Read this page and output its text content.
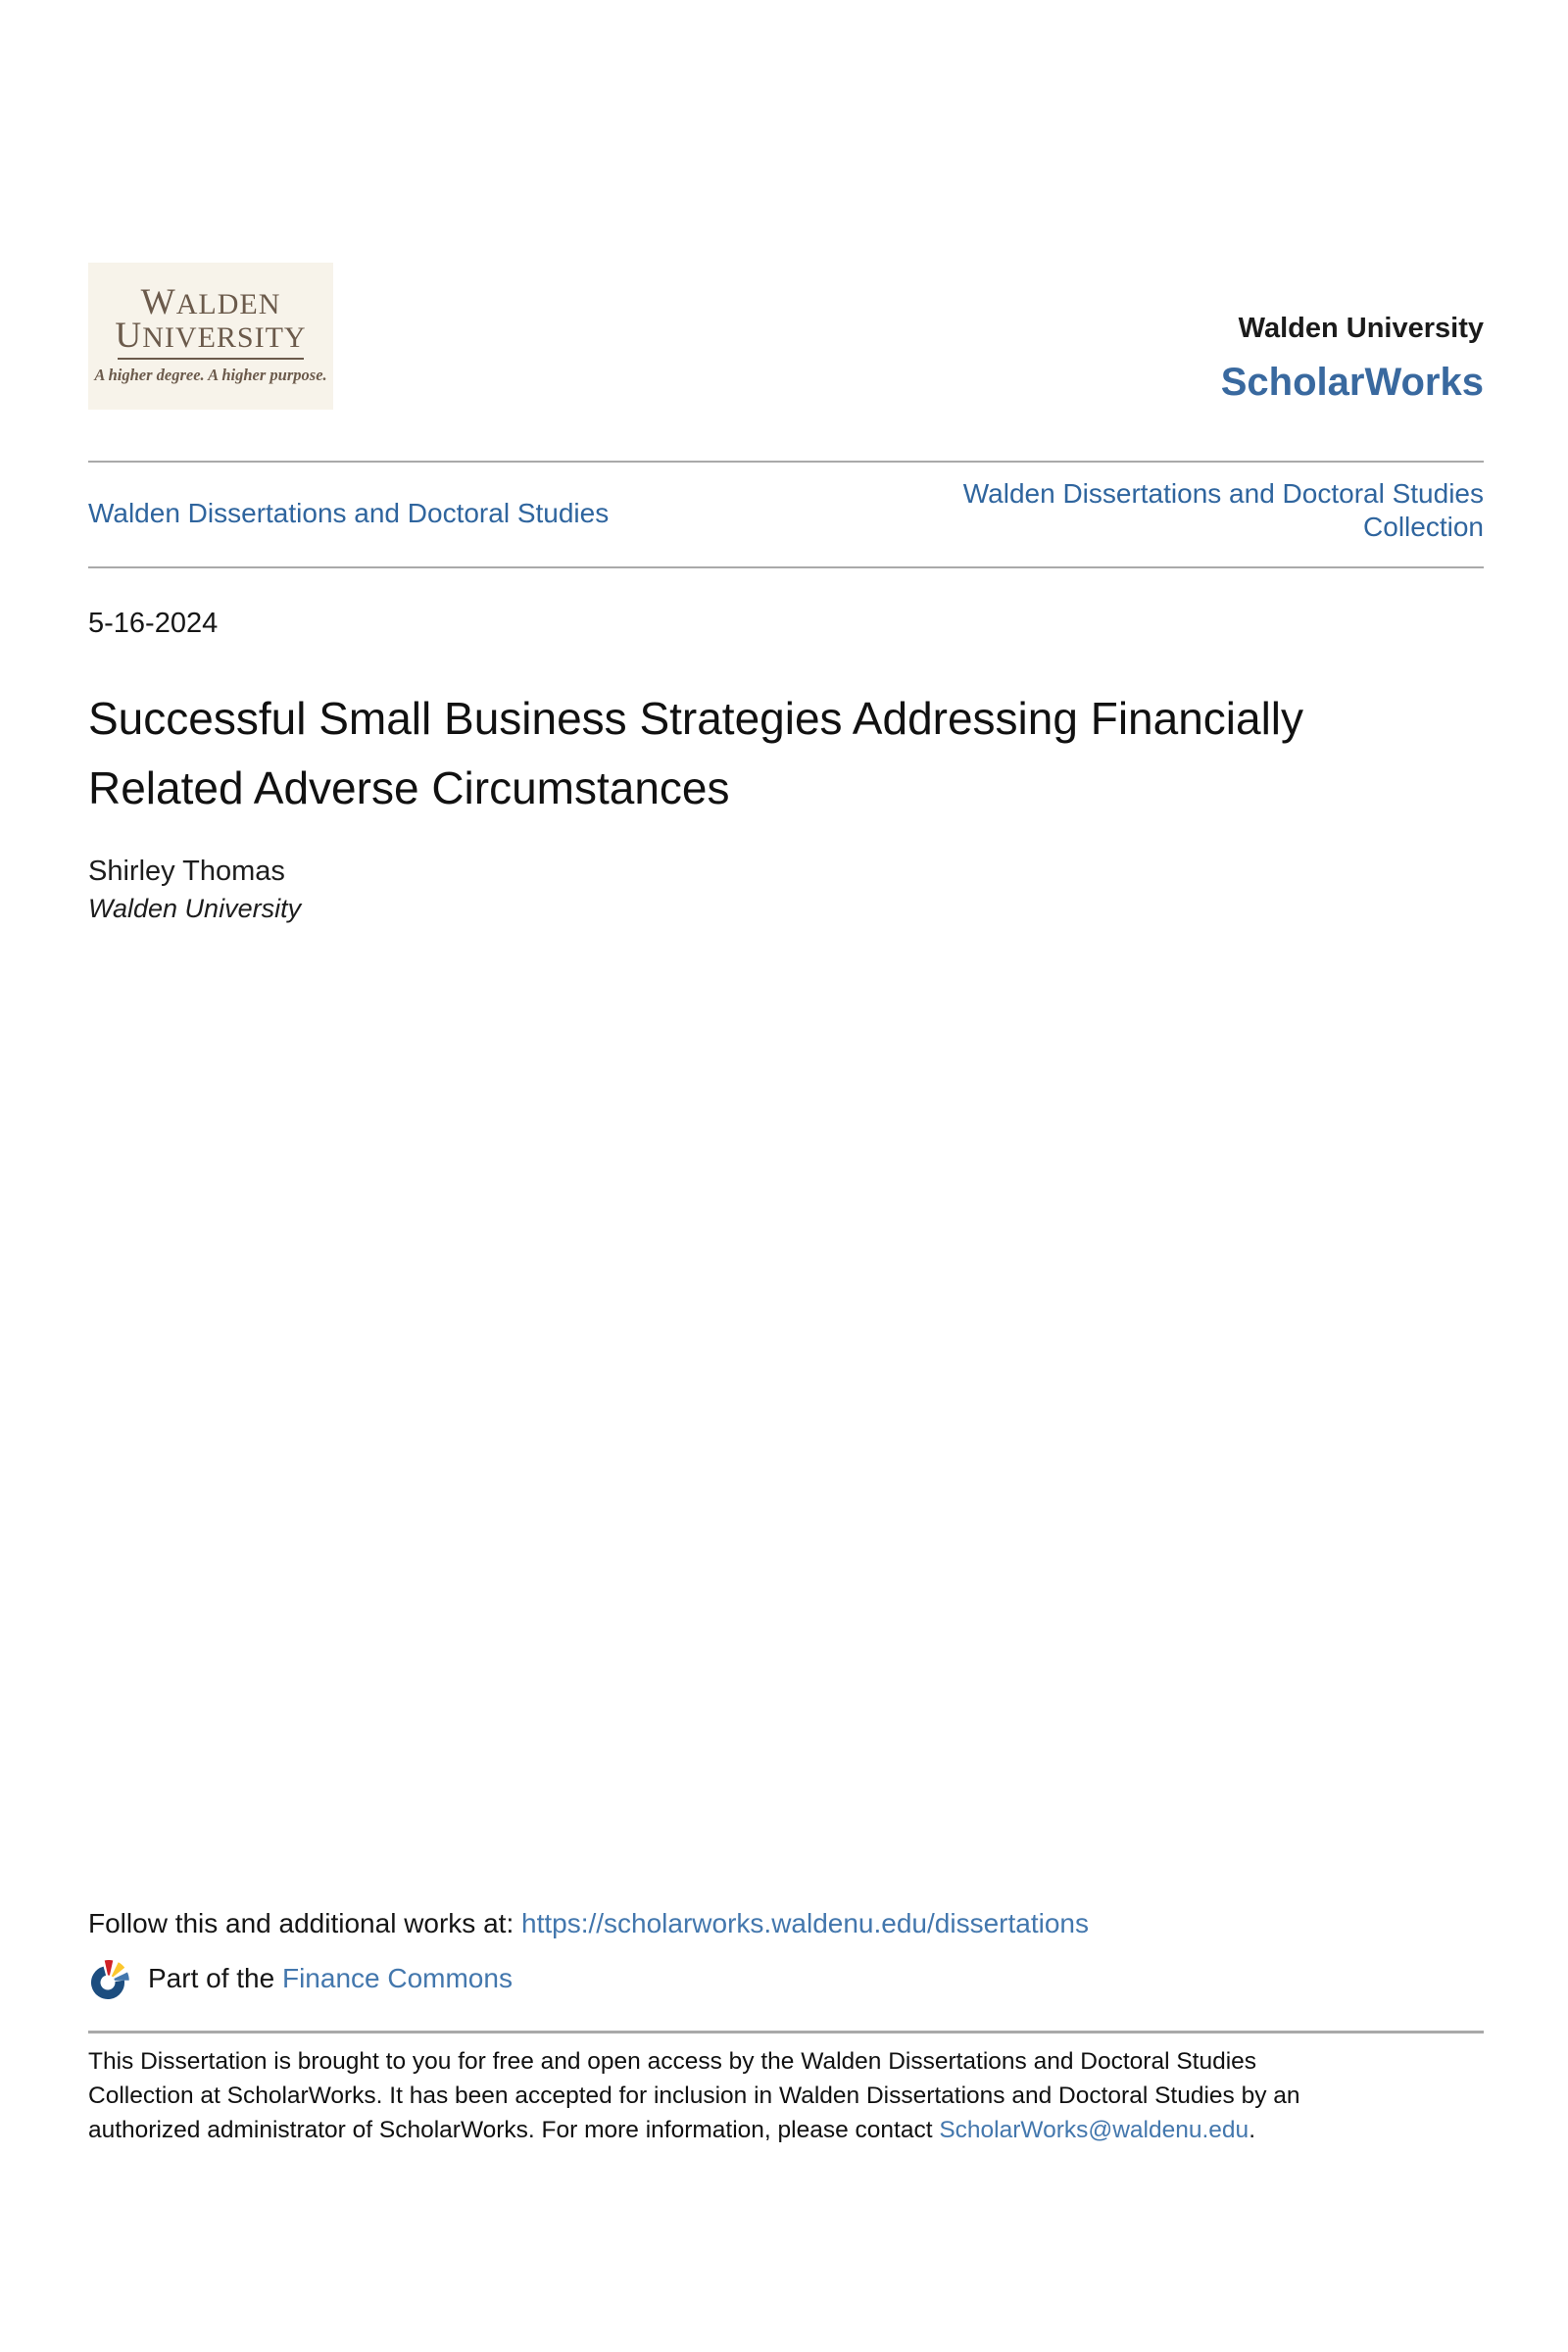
WALDEN
UNIVERSITY
A higher degree. A higher purpose.
Walden University
ScholarWorks
Walden Dissertations and Doctoral Studies
Walden Dissertations and Doctoral Studies
Collection
5-16-2024
Successful Small Business Strategies Addressing Financially
Related Adverse Circumstances
Shirley Thomas
Walden University
Follow this and additional works at: https://scholarworks.waldenu.edu/dissertations
Part of the Finance Commons
This Dissertation is brought to you for free and open access by the Walden Dissertations and Doctoral Studies
Collection at ScholarWorks. It has been accepted for inclusion in Walden Dissertations and Doctoral Studies by an
authorized administrator of ScholarWorks. For more information, please contact ScholarWorks@waldenu.edu.
